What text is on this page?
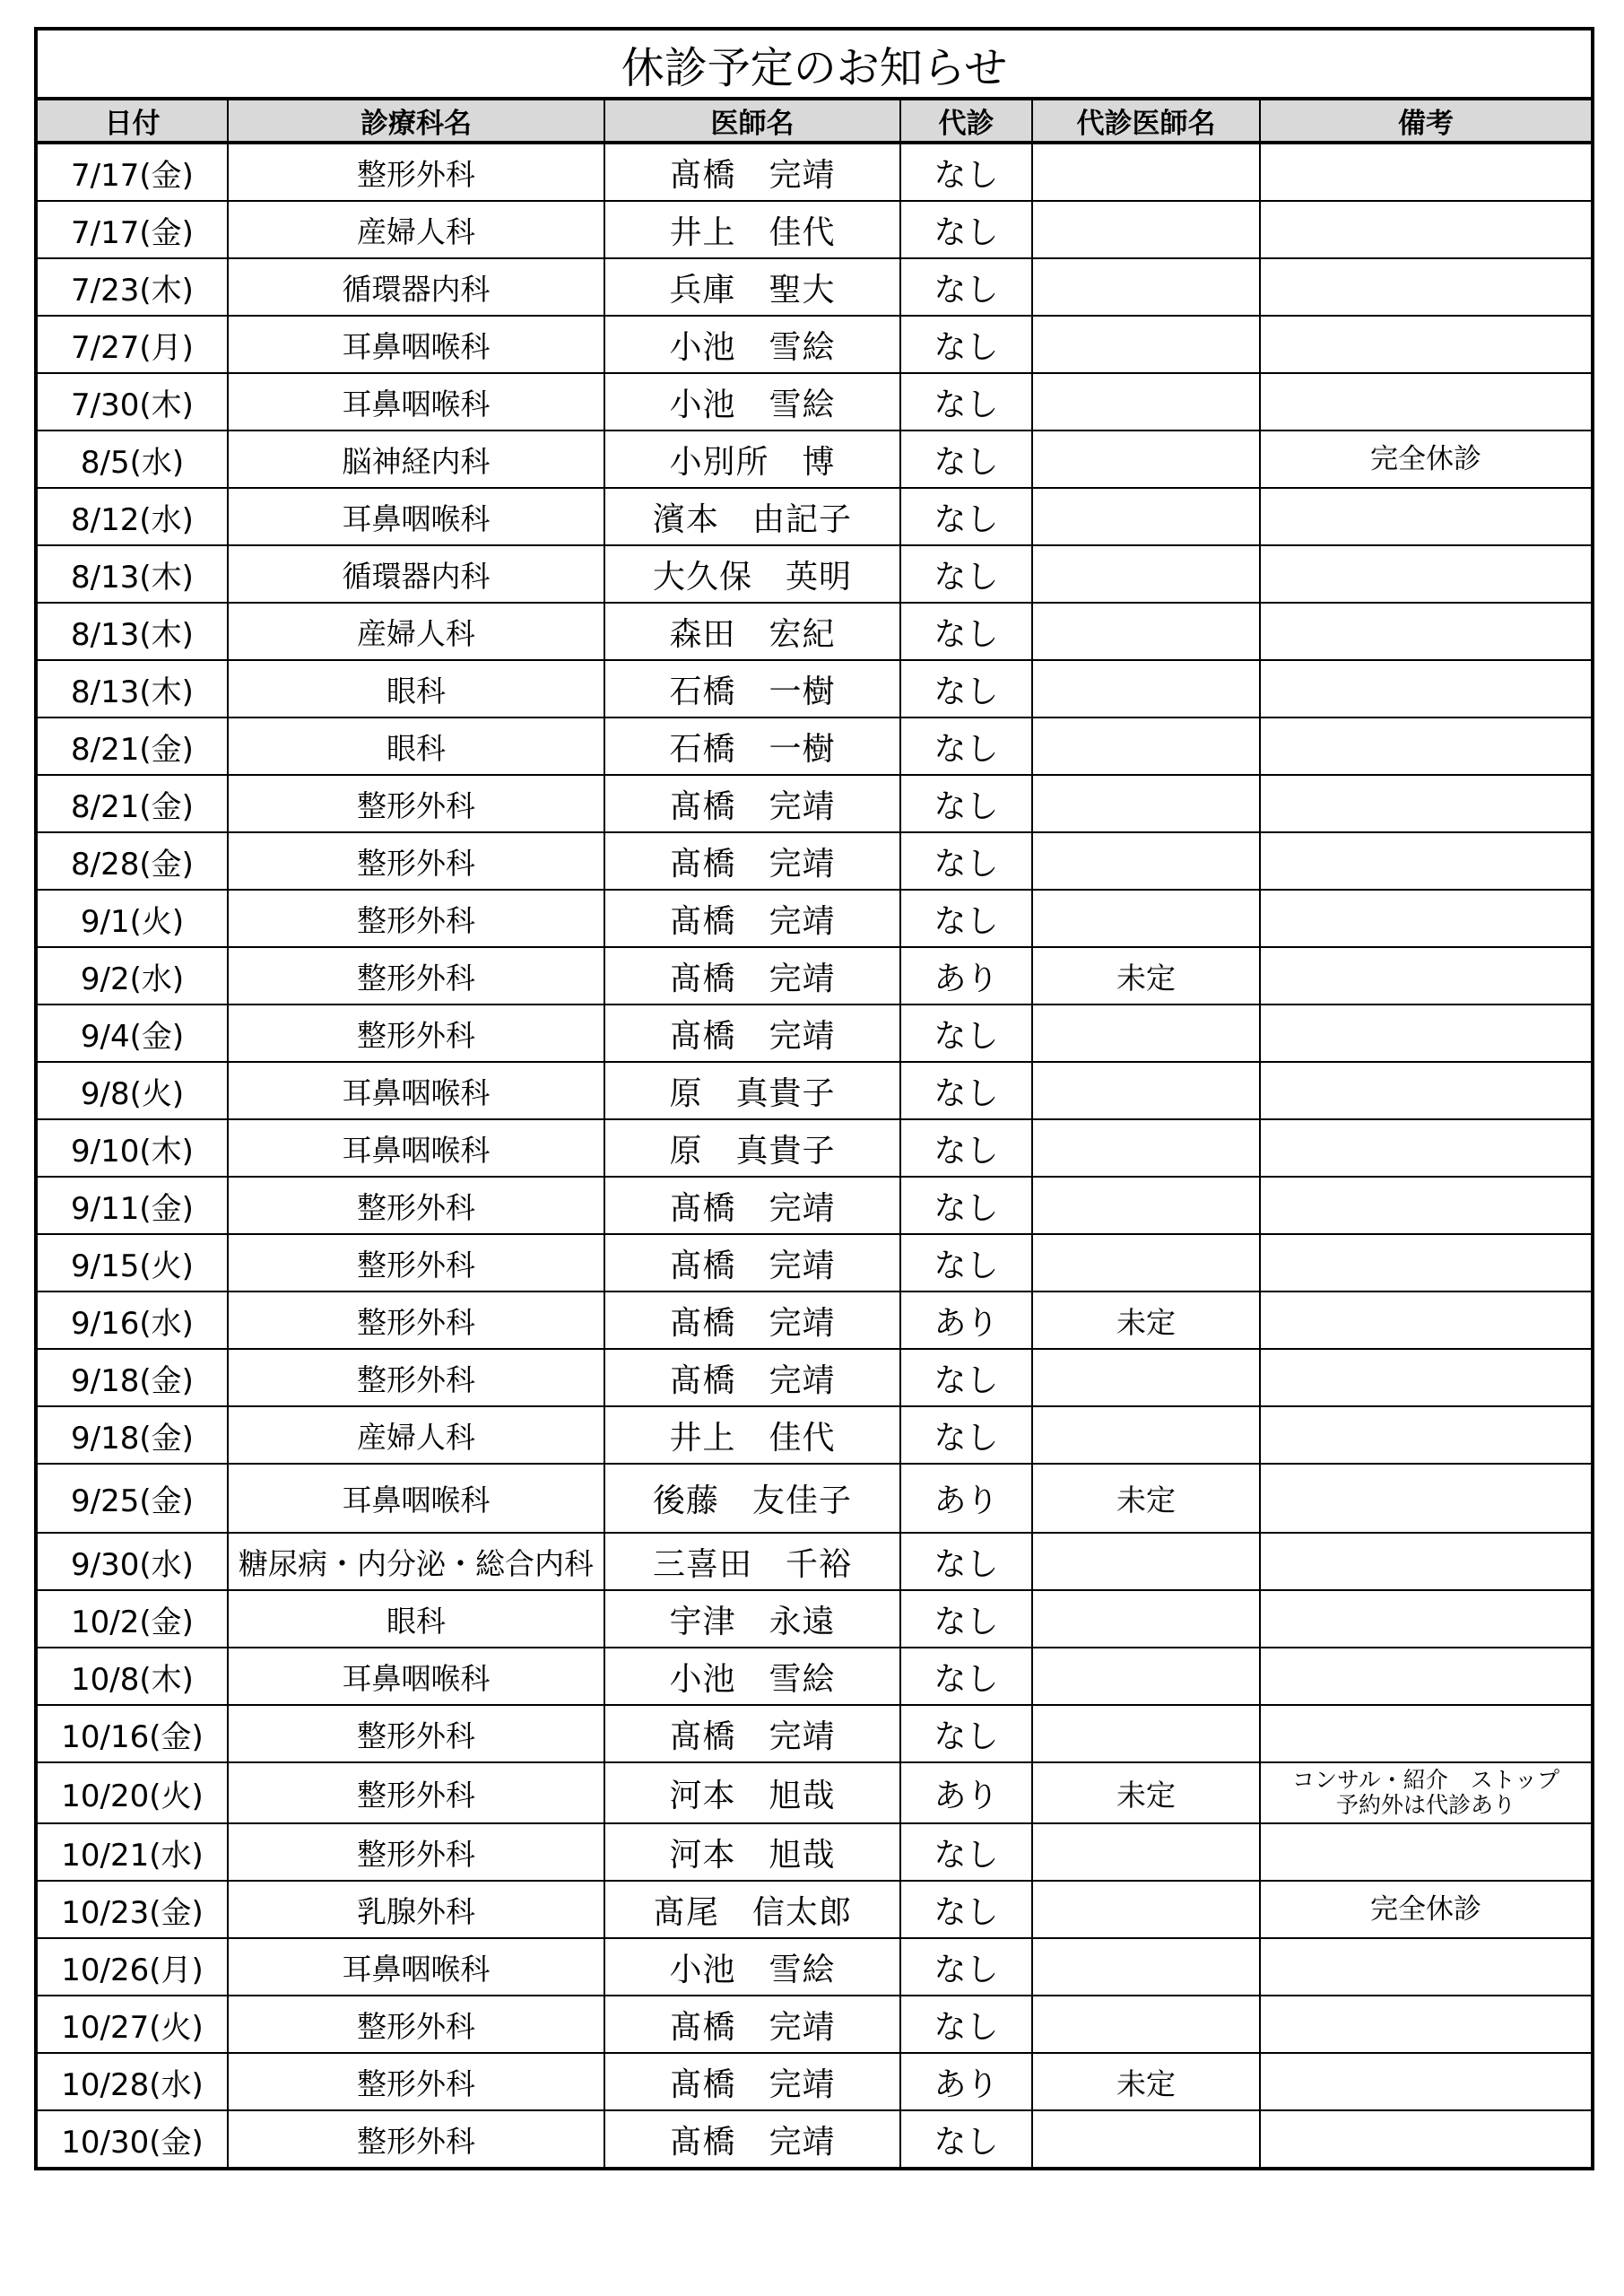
休診予定のお知らせ					
日付	診療科名	医師名	代診	代診医師名	備考
7/17(金)	整形外科	髙橋　完靖	なし		
7/17(金)	産婦人科	井上　佳代	なし		
7/23(木)	循環器内科	兵庫　聖大	なし		
7/27(月)	耳鼻咽喉科	小池　雪絵	なし		
7/30(木)	耳鼻咽喉科	小池　雪絵	なし		
8/5(水)	脳神経内科	小別所　博	なし		完全休診
8/12(水)	耳鼻咽喉科	濱本　由記子	なし		
8/13(木)	循環器内科	大久保　英明	なし		
8/13(木)	産婦人科	森田　宏紀	なし		
8/13(木)	眼科	石橋　一樹	なし		
8/21(金)	眼科	石橋　一樹	なし		
8/21(金)	整形外科	髙橋　完靖	なし		
8/28(金)	整形外科	髙橋　完靖	なし		
9/1(火)	整形外科	髙橋　完靖	なし		
9/2(水)	整形外科	髙橋　完靖	あり	未定	
9/4(金)	整形外科	髙橋　完靖	なし		
9/8(火)	耳鼻咽喉科	原　真貴子	なし		
9/10(木)	耳鼻咽喉科	原　真貴子	なし		
9/11(金)	整形外科	髙橋　完靖	なし		
9/15(火)	整形外科	髙橋　完靖	なし		
9/16(水)	整形外科	髙橋　完靖	あり	未定	
9/18(金)	整形外科	髙橋　完靖	なし		
9/18(金)	産婦人科	井上　佳代	なし		
9/25(金)	耳鼻咽喉科	後藤　友佳子	あり	未定	
9/30(水)	糖尿病・内分泌・総合内科	三喜田　千裕	なし		
10/2(金)	眼科	宇津　永遠	なし		
10/8(木)	耳鼻咽喉科	小池　雪絵	なし		
10/16(金)	整形外科	髙橋　完靖	なし		
10/20(火)	整形外科	河本　旭哉	あり	未定	コンサル・紹介　ストップ
予約外は代診あり
10/21(水)	整形外科	河本　旭哉	なし		
10/23(金)	乳腺外科	髙尾　信太郎	なし		完全休診
10/26(月)	耳鼻咽喉科	小池　雪絵	なし		
10/27(火)	整形外科	髙橋　完靖	なし		
10/28(水)	整形外科	髙橋　完靖	あり	未定	
10/30(金)	整形外科	髙橋　完靖	なし		
